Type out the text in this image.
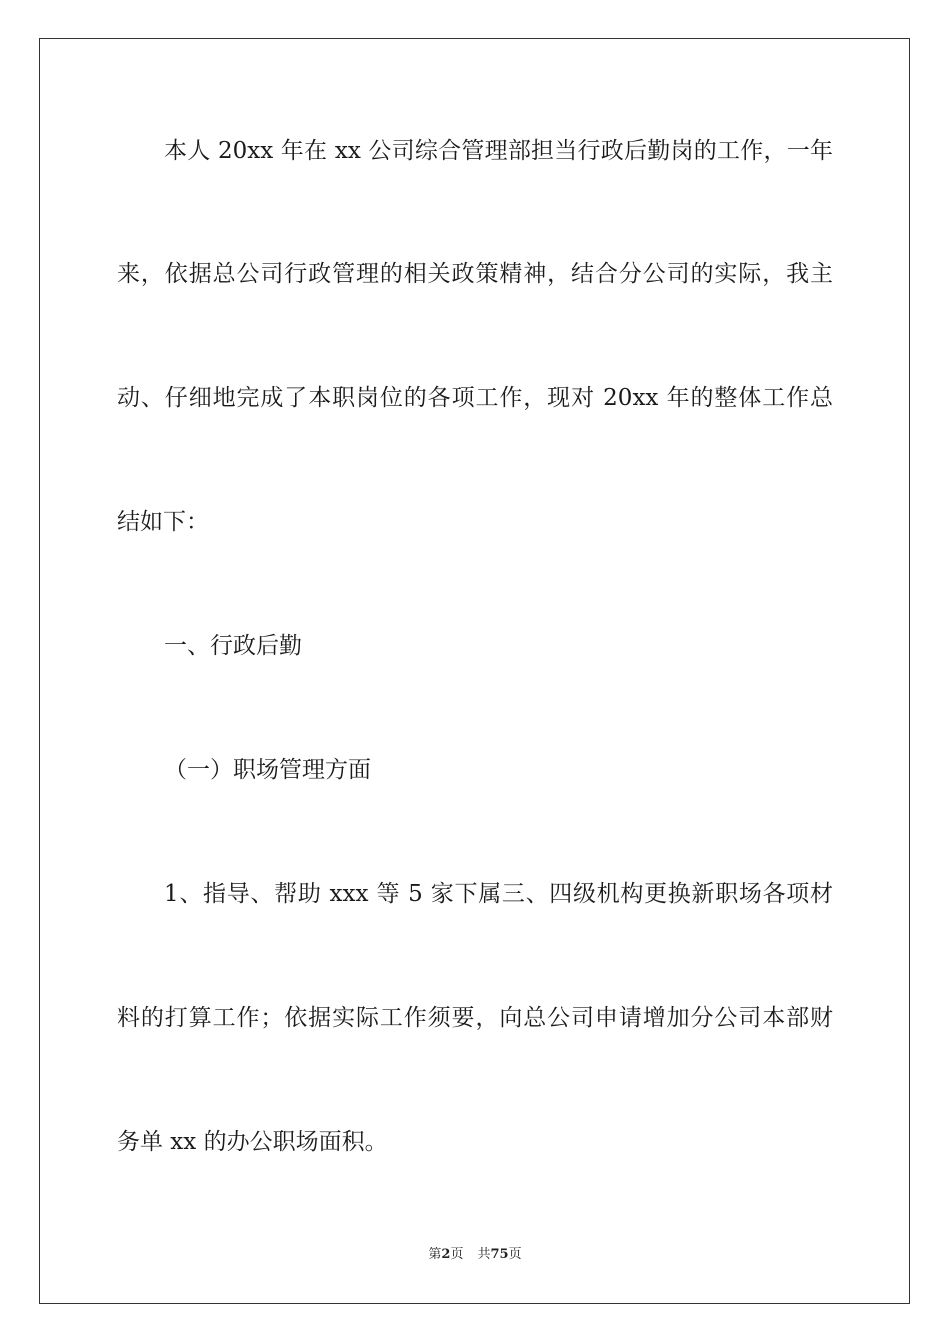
本人 20xx 年在 xx 公司综合管理部担当行政后勤岗的工作，一年
来，依据总公司行政管理的相关政策精神，结合分公司的实际，我主
动、仔细地完成了本职岗位的各项工作，现对 20xx 年的整体工作总
结如下：
一、行政后勤
（一）职场管理方面
1、指导、帮助 xxx 等 5 家下属三、四级机构更换新职场各项材
料的打算工作；依据实际工作须要，向总公司申请增加分公司本部财
务单 xx 的办公职场面积。
第2页 共75页
